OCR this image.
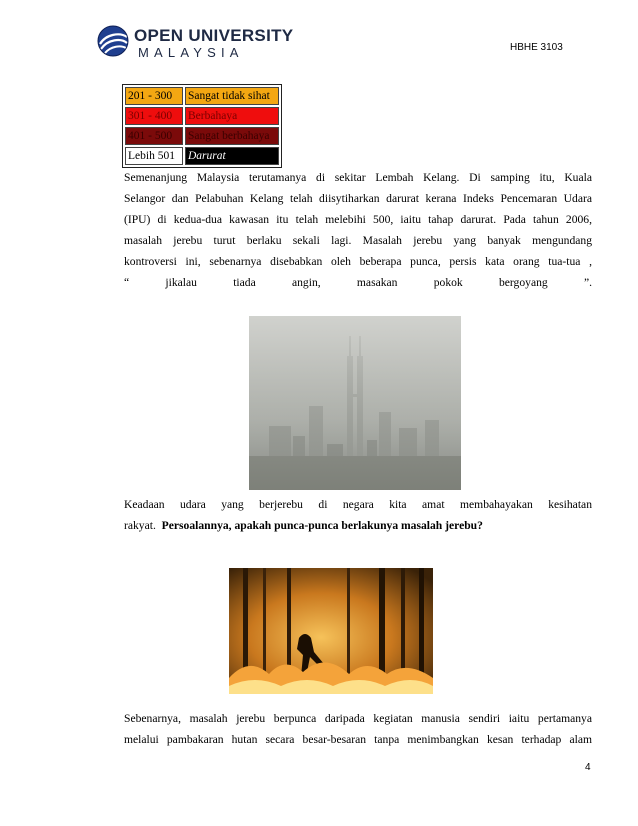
OPEN UNIVERSITY
MALAYSIA	HBHE 3103
201 - 300	Sangat tidak sihat
301 - 400	Berbahaya
401 - 500	Sangat berbahaya
Lebih 501	Darurat
Semenanjung Malaysia terutamanya di sekitar Lembah Kelang. Di samping itu, Kuala
Selangor dan Pelabuhan Kelang telah diisytiharkan darurat kerana Indeks Pencemaran Udara
(IPU) di kedua-dua kawasan itu telah melebihi 500, iaitu tahap darurat. Pada tahun 2006,
masalah jerebu turut berlaku sekali lagi. Masalah jerebu yang banyak mengundang
kontroversi ini, sebenarnya disebabkan oleh beberapa punca, persis kata orang tua-tua ,
“ jikalau tiada angin, masakan pokok bergoyang ”.
Keadaan udara yang berjerebu di negara kita amat membahayakan kesihatan
rakyat. Persoalannya, apakah punca-punca berlakunya masalah jerebu?
Sebenarnya, masalah jerebu berpunca daripada kegiatan manusia sendiri iaitu pertamanya
melalui pambakaran hutan secara besar-besaran tanpa menimbangkan kesan terhadap alam
4
